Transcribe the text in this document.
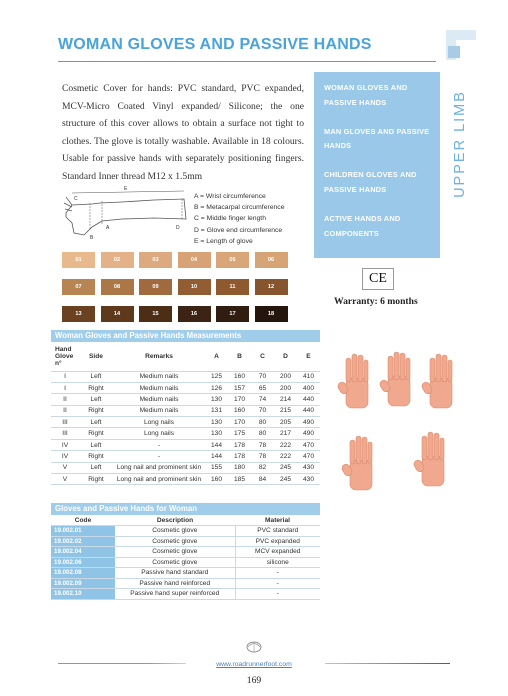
WOMAN GLOVES AND PASSIVE HANDS
Cosmetic Cover for hands: PVC standard, PVC expanded, MCV-Micro Coated Vinyl expanded/ Silicone; the one structure of this cover allows to obtain a surface not tight to clothes. The glove is totally washable. Available in 18 colours. Usable for passive hands with separately positioning fingers. Standard Inner thread M12 x 1.5mm
WOMAN GLOVES AND PASSIVE HANDS
MAN GLOVES AND PASSIVE HANDS
CHILDREN GLOVES AND PASSIVE HANDS
ACTIVE HANDS AND COMPONENTS
UPPER LIMB
A
B
C
D
E
A = Wrist circumference
B = Metacarpal circumference
C = Middle finger length
D = Glove end circumference
E = Length of glove
01	02	03	04	05	06
07	08	09	10	11	12
13	14	15	16	17	18
CE
Warranty: 6 months
Woman Gloves and Passive Hands Measurements
Hand Glove n°	Side	Remarks	A	B	C	D	E
I	Left	Medium nails	125	160	70	200	410
I	Right	Medium nails	126	157	65	200	400
II	Left	Medium nails	130	170	74	214	440
II	Right	Medium nails	131	160	70	215	440
III	Left	Long nails	130	170	80	205	490
III	Right	Long nails	130	175	80	217	490
IV	Left	-	144	178	78	222	470
IV	Right	-	144	178	78	222	470
V	Left	Long nail and prominent skin	155	180	82	245	430
V	Right	Long nail and prominent skin	160	185	84	245	430
Gloves and Passive Hands for Woman
Code	Description	Material
19.002.01	Cosmetic glove	PVC standard
19.002.02	Cosmetic glove	PVC expanded
19.002.04	Cosmetic glove	MCV expanded
19.002.06	Cosmetic glove	silicone
19.002.08	Passive hand standard	-
19.002.09	Passive hand reinforced	-
19.002.10	Passive hand super reinforced	-
www.roadrunnerfoot.com
169
